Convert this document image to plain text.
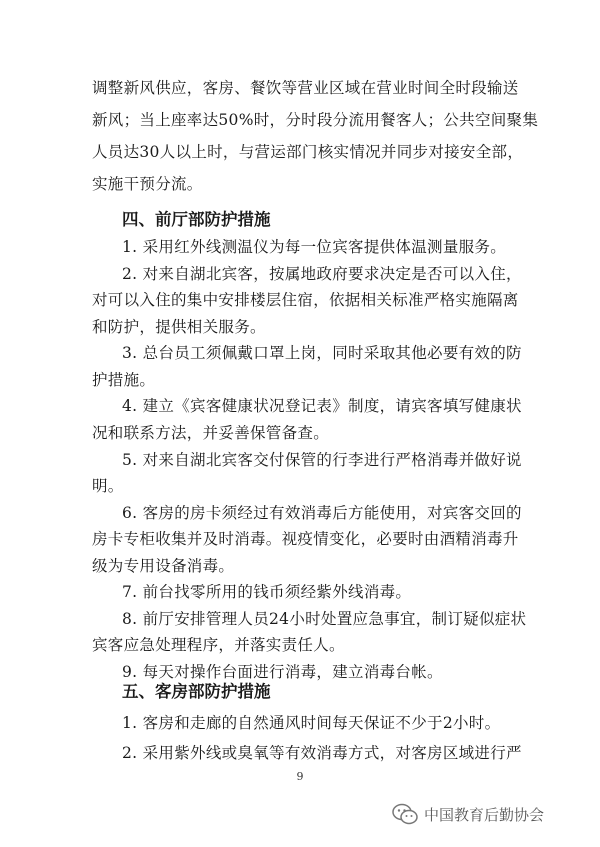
调整新风供应，客房、餐饮等营业区域在营业时间全时段输送
新风；当上座率达50%时，分时段分流用餐客人；公共空间聚集
人员达30人以上时，与营运部门核实情况并同步对接安全部，
实施干预分流。
四、前厅部防护措施
1. 采用红外线测温仪为每一位宾客提供体温测量服务。
2. 对来自湖北宾客，按属地政府要求决定是否可以入住，
对可以入住的集中安排楼层住宿，依据相关标准严格实施隔离
和防护，提供相关服务。
3. 总台员工须佩戴口罩上岗，同时采取其他必要有效的防
护措施。
4. 建立《宾客健康状况登记表》制度，请宾客填写健康状
况和联系方法，并妥善保管备查。
5. 对来自湖北宾客交付保管的行李进行严格消毒并做好说
明。
6. 客房的房卡须经过有效消毒后方能使用，对宾客交回的
房卡专柜收集并及时消毒。视疫情变化，必要时由酒精消毒升
级为专用设备消毒。
7. 前台找零所用的钱币须经紫外线消毒。
8. 前厅安排管理人员24小时处置应急事宜，制订疑似症状
宾客应急处理程序，并落实责任人。
9. 每天对操作台面进行消毒，建立消毒台帐。
五、客房部防护措施
1. 客房和走廊的自然通风时间每天保证不少于2小时。
2. 采用紫外线或臭氧等有效消毒方式，对客房区域进行严
9
中国教育后勤协会
